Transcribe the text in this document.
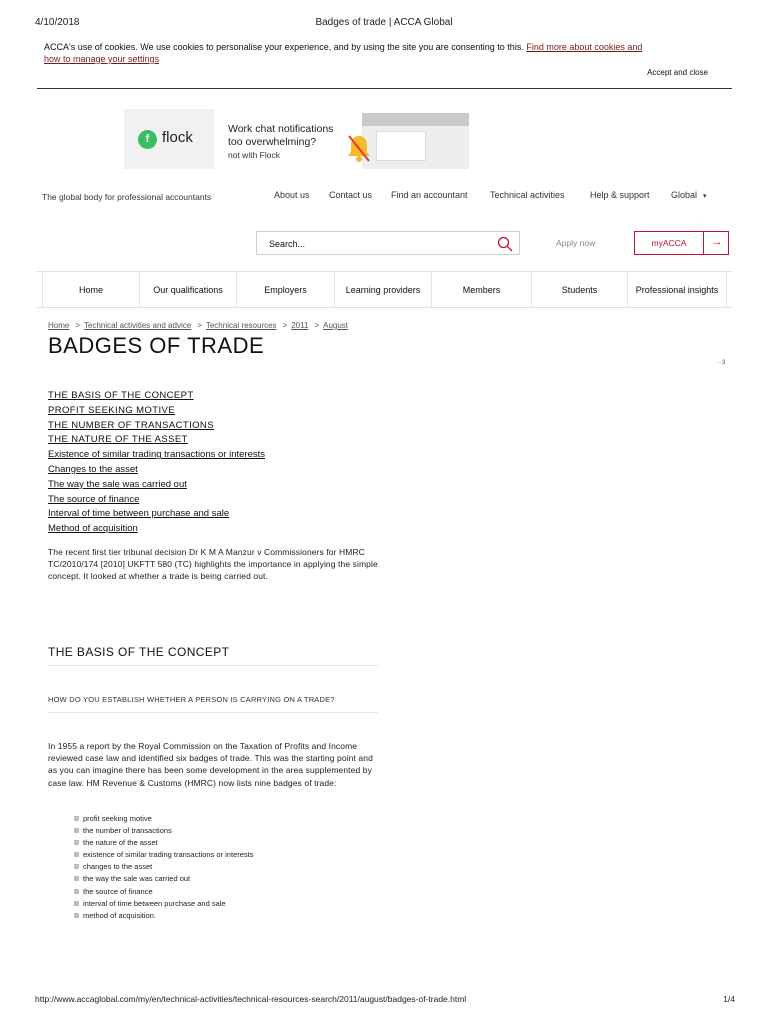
4/10/2018	Badges of trade | ACCA Global
ACCA's use of cookies. We use cookies to personalise your experience, and by using the site you are consenting to this. Find more about cookies and how to manage your settings
Accept and close
f flock	Work chat notifications too overwhelming?
not with Flock
The global body for professional accountants	About us Contact us Find an accountant Technical activities	Help & support Global ▾
Search...	Apply now	myACCA	→
Home	Our qualifications	Employers	Learning providers	Members	Students	Professional insights
Home > Technical activities and advice > Technical resources > 2011 > August
BADGES OF TRADE
··3
THE BASIS OF THE CONCEPT
PROFIT SEEKING MOTIVE
THE NUMBER OF TRANSACTIONS
THE NATURE OF THE ASSET
Existence of similar trading transactions or interests
Changes to the asset
The way the sale was carried out
The source of finance
Interval of time between purchase and sale
Method of acquisition

The recent first tier tribunal decision Dr K M A Manzur v Commissioners for HMRC TC/2010/174 [2010] UKFTT 580 (TC) highlights the importance in applying the simple concept. It looked at whether a trade is being carried out.

THE BASIS OF THE CONCEPT
HOW DO YOU ESTABLISH WHETHER A PERSON IS CARRYING ON A TRADE?

In 1955 a report by the Royal Commission on the Taxation of Profits and Income reviewed case law and identified six badges of trade. This was the starting point and as you can imagine there has been some development in the area supplemented by case law. HM Revenue & Customs (HMRC) now lists nine badges of trade:

profit seeking motive
the number of transactions
the nature of the asset
existence of similar trading transactions or interests
changes to the asset
the way the sale was carried out
the source of finance
interval of time between purchase and sale
method of acquisition.
http://www.accaglobal.com/my/en/technical-activities/technical-resources-search/2011/august/badges-of-trade.html	1/4
